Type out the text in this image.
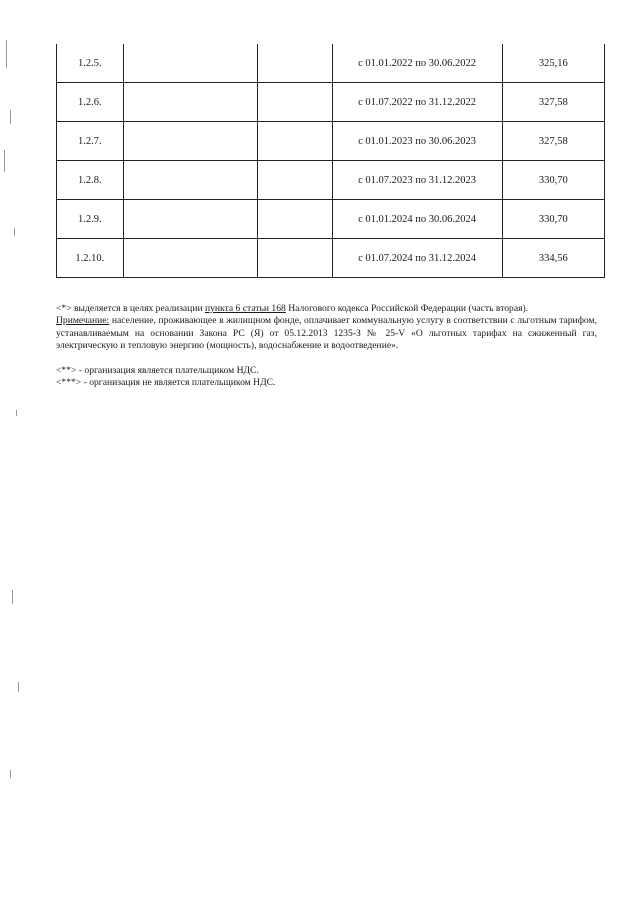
1.2.5.			с 01.01.2022 по 30.06.2022	325,16
1.2.6.			с 01.07.2022 по 31.12.2022	327,58
1.2.7.			с 01.01.2023 по 30.06.2023	327,58
1.2.8.			с 01.07.2023 по 31.12.2023	330,70
1.2.9.			с 01.01.2024 по 30.06.2024	330,70
1.2.10.			с 01.07.2024 по 31.12.2024	334,56

<*> выделяется в целях реализации пункта 6 статьи 168 Налогового кодекса Российской Федерации (часть вторая).

Примечание: население, проживающее в жилищном фонде, оплачивает коммунальную услугу в соответствии с льготным тарифом, устанавливаемым на основании Закона РС (Я) от 05.12.2013 1235-З № 25-V «О льготных тарифах на сжиженный газ, электрическую и тепловую энергию (мощность), водоснабжение и водоотведение».

<**> - организация является плательщиком НДС.

<***> - организация не является плательщиком НДС.
